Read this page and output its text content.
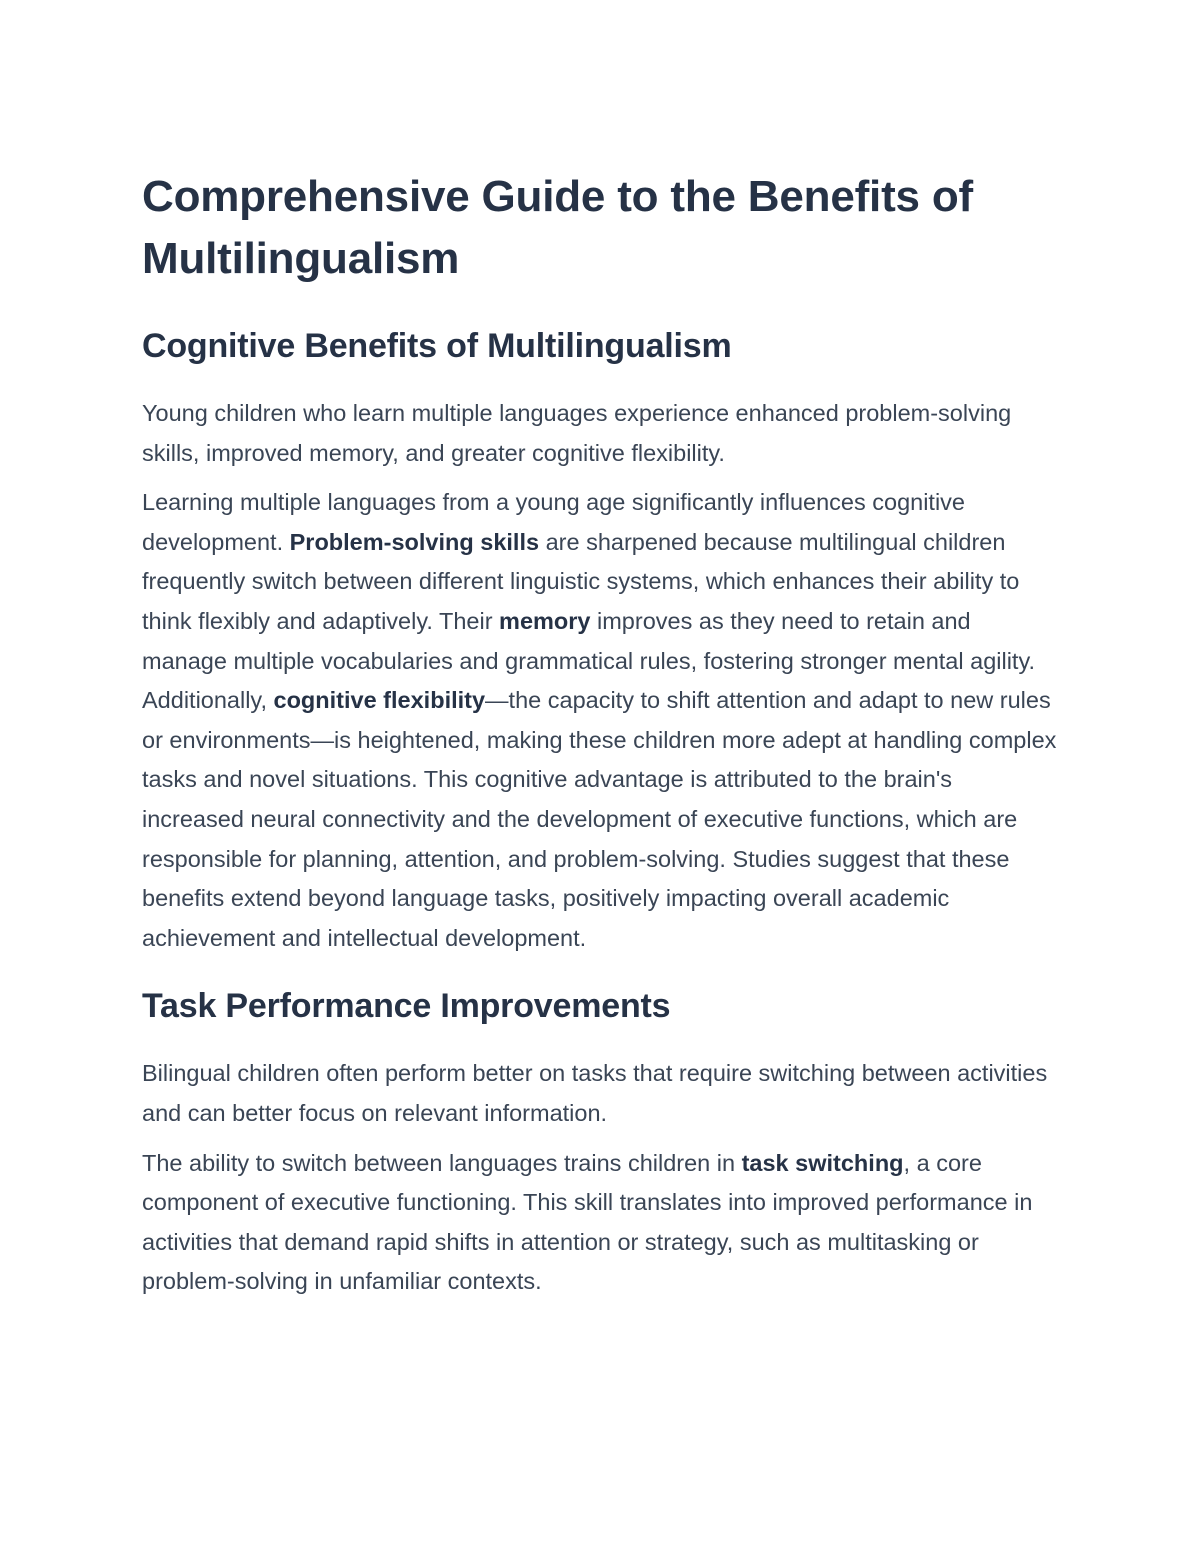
Comprehensive Guide to the Benefits of Multilingualism
Cognitive Benefits of Multilingualism

Young children who learn multiple languages experience enhanced problem-solving skills, improved memory, and greater cognitive flexibility.

Learning multiple languages from a young age significantly influences cognitive development. Problem-solving skills are sharpened because multilingual children frequently switch between different linguistic systems, which enhances their ability to think flexibly and adaptively. Their memory improves as they need to retain and manage multiple vocabularies and grammatical rules, fostering stronger mental agility. Additionally, cognitive flexibility—the capacity to shift attention and adapt to new rules or environments—is heightened, making these children more adept at handling complex tasks and novel situations. This cognitive advantage is attributed to the brain's increased neural connectivity and the development of executive functions, which are responsible for planning, attention, and problem-solving. Studies suggest that these benefits extend beyond language tasks, positively impacting overall academic achievement and intellectual development.

Task Performance Improvements

Bilingual children often perform better on tasks that require switching between activities and can better focus on relevant information.

The ability to switch between languages trains children in task switching, a core component of executive functioning. This skill translates into improved performance in activities that demand rapid shifts in attention or strategy, such as multitasking or problem-solving in unfamiliar contexts.
